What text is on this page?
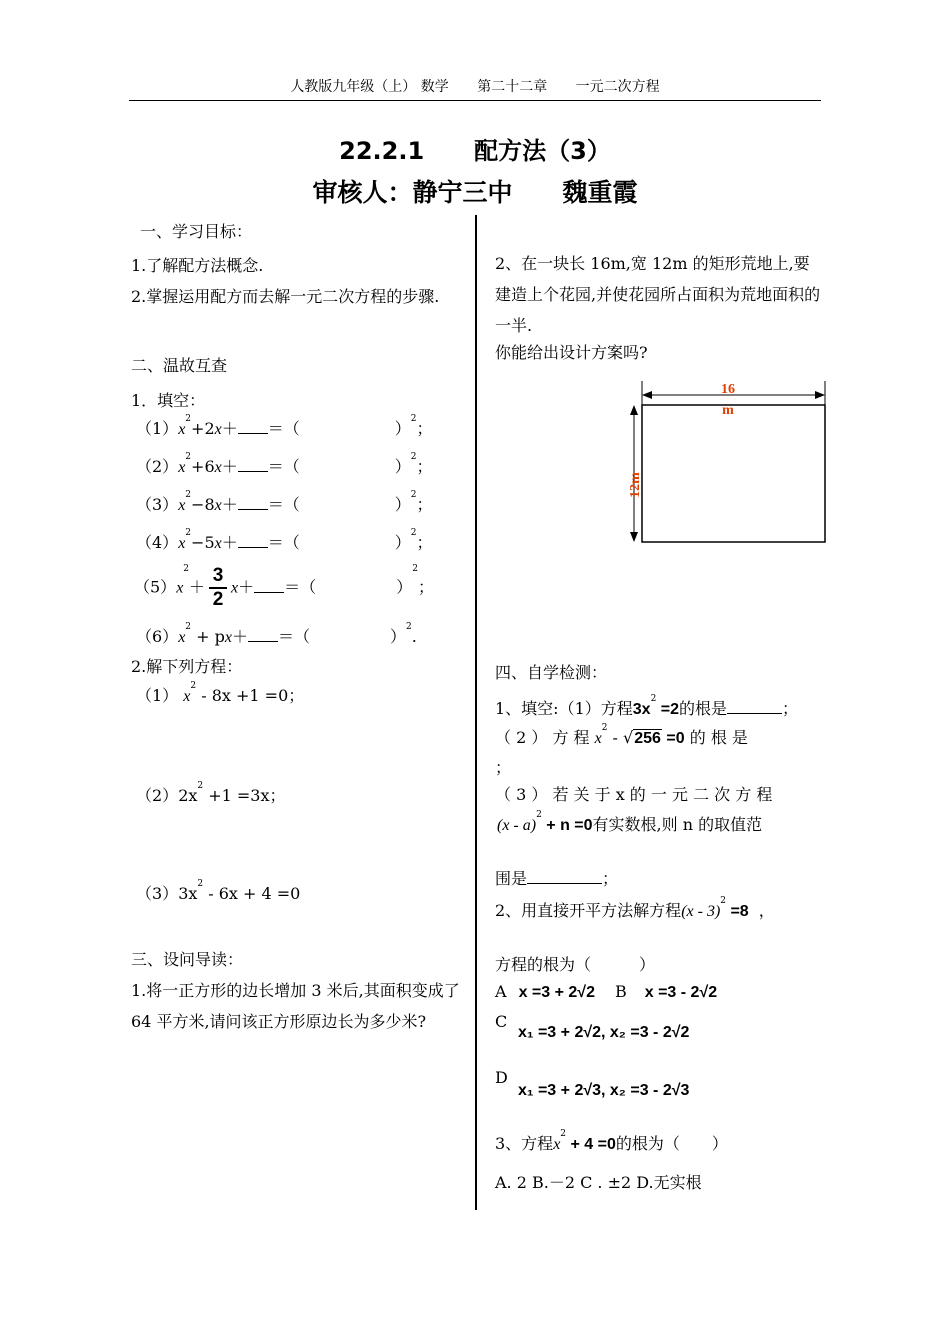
人教版九年级（上） 数学 第二十二章 一元二次方程
22.2.1 配方法（3）
审核人：静宁三中 魏重霞
一、学习目标：
1.了解配方法概念.
2.掌握运用配方而去解一元二次方程的步骤.
二、温故互查
1．填空：
$(1)x^2+2x+$ ＝（	）$^2$；
$(2)x^2+6x+$ ＝（	）$^2$；
$(3)x^2-8x+$ ＝（	）$^2$；
$(4)x^2-5x+$ ＝（	）$^2$；
$(5)x^2+ \frac{3}{2} x+$ ＝（	）$^2$；
$(6)x^2 + px+$ ＝（	）$^2$.
2.解下列方程：
（1） $x^2 - 8x +1 =0$；
$(2)2x^2 +1 =3x$；
$(3)3x^2 - 6x + 4 =0$
三、设问导读：
1.将一正方形的边长增加 3 米后,其面积变成了 64 平方米,请问该正方形原边长为多少米?
2、在一块长 16m,宽 12m 的矩形荒地上,要建造上个花园,并使花园所占面积为荒地面积的一半.
你能给出设计方案吗?
16
m
12m
四、自学检测：
1、填空:（1）方程$3x^2 =2$的根是	；
（ 2 ） 方 程 $x^2 - √256 =0$ 的 根 是
；
（ 3 ） 若 关 于 x 的 一 元 二 次 方 程
(x - a)$^2$ + n =0有实数根,则 n 的取值范
围是	；
2、用直接开平方法解方程(x - 3)$^2$ =8 ，
方程的根为（　　　）
A x =3 + 2√2 B x =3 - 2√2
C
x₁ =3 + 2√2, x₂ =3 - 2√2
D
x₁ =3 + 2√3, x₂ =3 - 2√3
3、方程$x^2 + 4 =0$的根为（　　）
A. 2 B.－2 C . ±2 D.无实根
